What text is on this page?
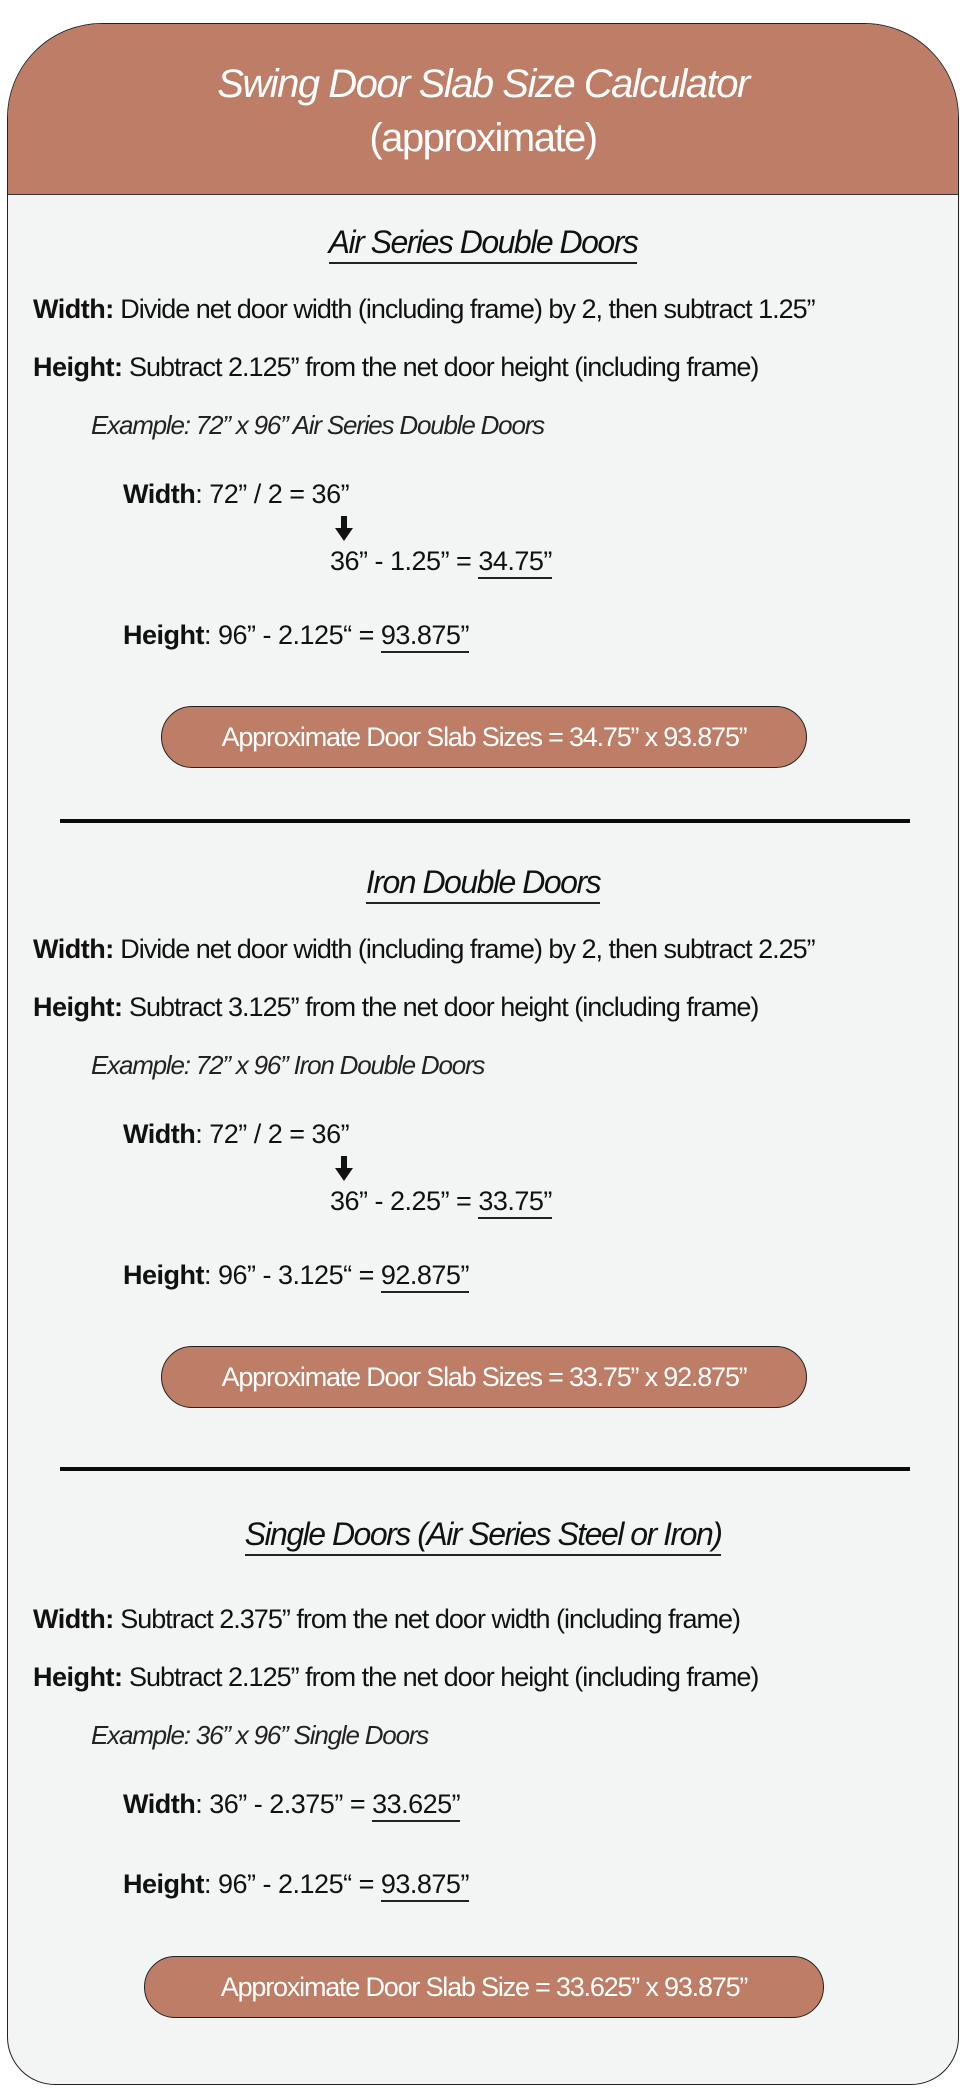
Swing Door Slab Size Calculator
(approximate)
Air Series Double Doors
Width: Divide net door width (including frame) by 2, then subtract 1.25”
Height: Subtract 2.125” from the net door height (including frame)
Example: 72” x 96” Air Series Double Doors
Width: 72” / 2 = 36”
36” - 1.25” = 34.75”
Height: 96” - 2.125“ = 93.875”
Approximate Door Slab Sizes = 34.75” x 93.875”
Iron Double Doors
Width: Divide net door width (including frame) by 2, then subtract 2.25”
Height: Subtract 3.125” from the net door height (including frame)
Example: 72” x 96” Iron Double Doors
Width: 72” / 2 = 36”
36” - 2.25” = 33.75”
Height: 96” - 3.125“ = 92.875”
Approximate Door Slab Sizes = 33.75” x 92.875”
Single Doors (Air Series Steel or Iron)
Width: Subtract 2.375” from the net door width (including frame)
Height: Subtract 2.125” from the net door height (including frame)
Example: 36” x 96” Single Doors
Width: 36” - 2.375” = 33.625”
Height: 96” - 2.125“ = 93.875”
Approximate Door Slab Size = 33.625” x 93.875”
